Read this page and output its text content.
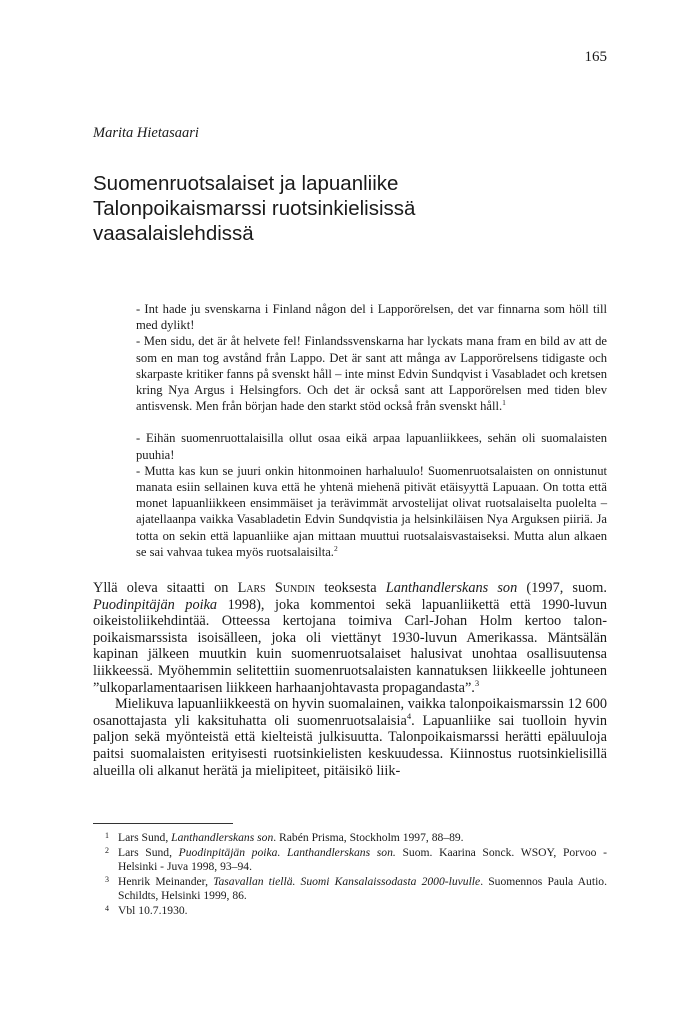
165
Marita Hietasaari
Suomenruotsalaiset ja lapuanliike
Talonpoikaismarssi ruotsinkielisissä
vaasalaislehdissä

- Int hade ju svenskarna i Finland någon del i Lapporörelsen, det var finnarna som höll till med dylikt!

- Men sidu, det är åt helvete fel! Finlandssvenskarna har lyckats mana fram en bild av att de som en man tog avstånd från Lappo. Det är sant att många av Lapporörelsens tidigaste och skarpaste kritiker fanns på svenskt håll – inte minst Edvin Sundqvist i Vasabladet och kretsen kring Nya Argus i Helsingfors. Och det är också sant att Lapporörelsen med tiden blev antisvensk. Men från början hade den starkt stöd också från svenskt håll.$^1$

- Eihän suomenruottalaisilla ollut osaa eikä arpaa lapuanliikkees, sehän oli suomalaisten puuhia!

- Mutta kas kun se juuri onkin hitonmoinen harhaluulo! Suomenruotsalaisten on onnistunut manata esiin sellainen kuva että he yhtenä miehenä pitivät etäisyyttä Lapuaan. On totta että monet lapuanliikkeen ensimmäiset ja terävimmät arvostelijat olivat ruotsalaiselta puolelta – ajatellaanpa vaikka Vasabladetin Edvin Sundqvistia ja helsinkiläisen Nya Arguksen piiriä. Ja totta on sekin että lapuanliike ajan mittaan muuttui ruotsalaisvastaiseksi. Mutta alun alkaen se sai vahvaa tukea myös ruotsalaisilta.$^2$

Yllä oleva sitaatti on Lars Sundin teoksesta Lanthandlerskans son (1997, suom. Puodinpitäjän poika 1998), joka kommentoi sekä lapuanliikettä että 1990-luvun oikeistoliikehdintää. Otteessa kertojana toimiva Carl-Johan Holm kertoo talonpoikaismarssista isoisälleen, joka oli viettänyt 1930-luvun Amerikassa. Mäntsälän kapinan jälkeen muutkin kuin suomenruotsalaiset halusivat unohtaa osallisuutensa liikkeessä. Myöhemmin selitettiin suomenruotsalaisten kannatuksen liikkeelle johtuneen ”ulkoparlamentaarisen liikkeen harhaanjohtavasta propagandasta”.$^3$

Mielikuva lapuanliikkeestä on hyvin suomalainen, vaikka talonpoikaismarssin 12 600 osanottajasta yli kaksituhatta oli suomenruotsalaisia$^4$. Lapuanliike sai tuolloin hyvin paljon sekä myönteistä että kielteistä julkisuutta. Talonpoikaismarssi herätti epäluuloja paitsi suomalaisten erityisesti ruotsinkielisten keskuudessa. Kiinnostus ruotsinkielisillä alueilla oli alkanut herätä ja mielipiteet, pitäisikö liik-

1 Lars Sund, Lanthandlerskans son. Rabén Prisma, Stockholm 1997, 88–89.
2 Lars Sund, Puodinpitäjän poika. Lanthandlerskans son. Suom. Kaarina Sonck. WSOY, Porvoo - Helsinki - Juva 1998, 93–94.
3 Henrik Meinander, Tasavallan tiellä. Suomi Kansalaissodasta 2000-luvulle. Suomennos Paula Autio. Schildts, Helsinki 1999, 86.
4 Vbl 10.7.1930.
